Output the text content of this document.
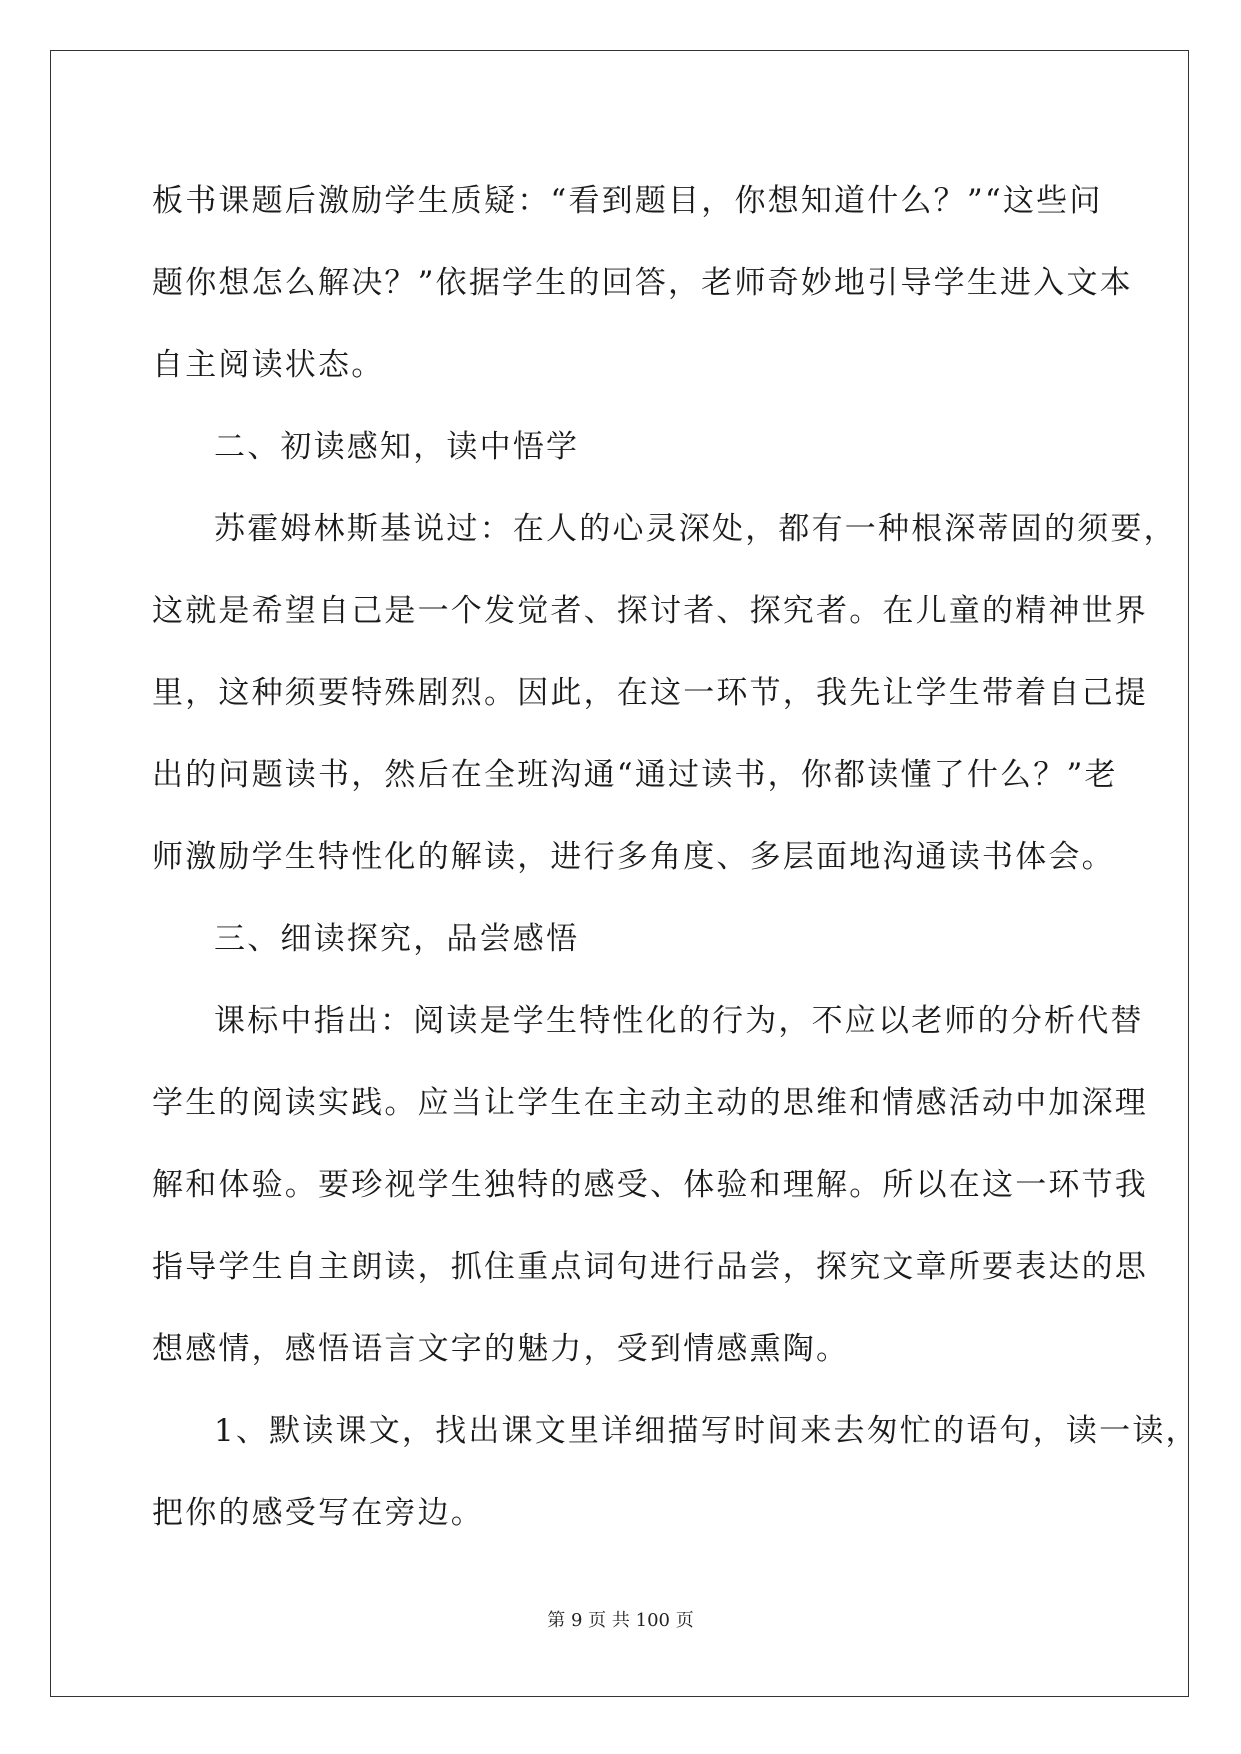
板书课题后激励学生质疑：“看到题目，你想知道什么？”“这些问
题你想怎么解决？”依据学生的回答，老师奇妙地引导学生进入文本
自主阅读状态。
二、初读感知，读中悟学
苏霍姆林斯基说过：在人的心灵深处，都有一种根深蒂固的须要，
这就是希望自己是一个发觉者、探讨者、探究者。在儿童的精神世界
里，这种须要特殊剧烈。因此，在这一环节，我先让学生带着自己提
出的问题读书，然后在全班沟通“通过读书，你都读懂了什么？”老
师激励学生特性化的解读，进行多角度、多层面地沟通读书体会。
三、细读探究，品尝感悟
课标中指出：阅读是学生特性化的行为，不应以老师的分析代替
学生的阅读实践。应当让学生在主动主动的思维和情感活动中加深理
解和体验。要珍视学生独特的感受、体验和理解。所以在这一环节我
指导学生自主朗读，抓住重点词句进行品尝，探究文章所要表达的思
想感情，感悟语言文字的魅力，受到情感熏陶。
1、默读课文，找出课文里详细描写时间来去匆忙的语句，读一读，
把你的感受写在旁边。
第 9 页 共 100 页
